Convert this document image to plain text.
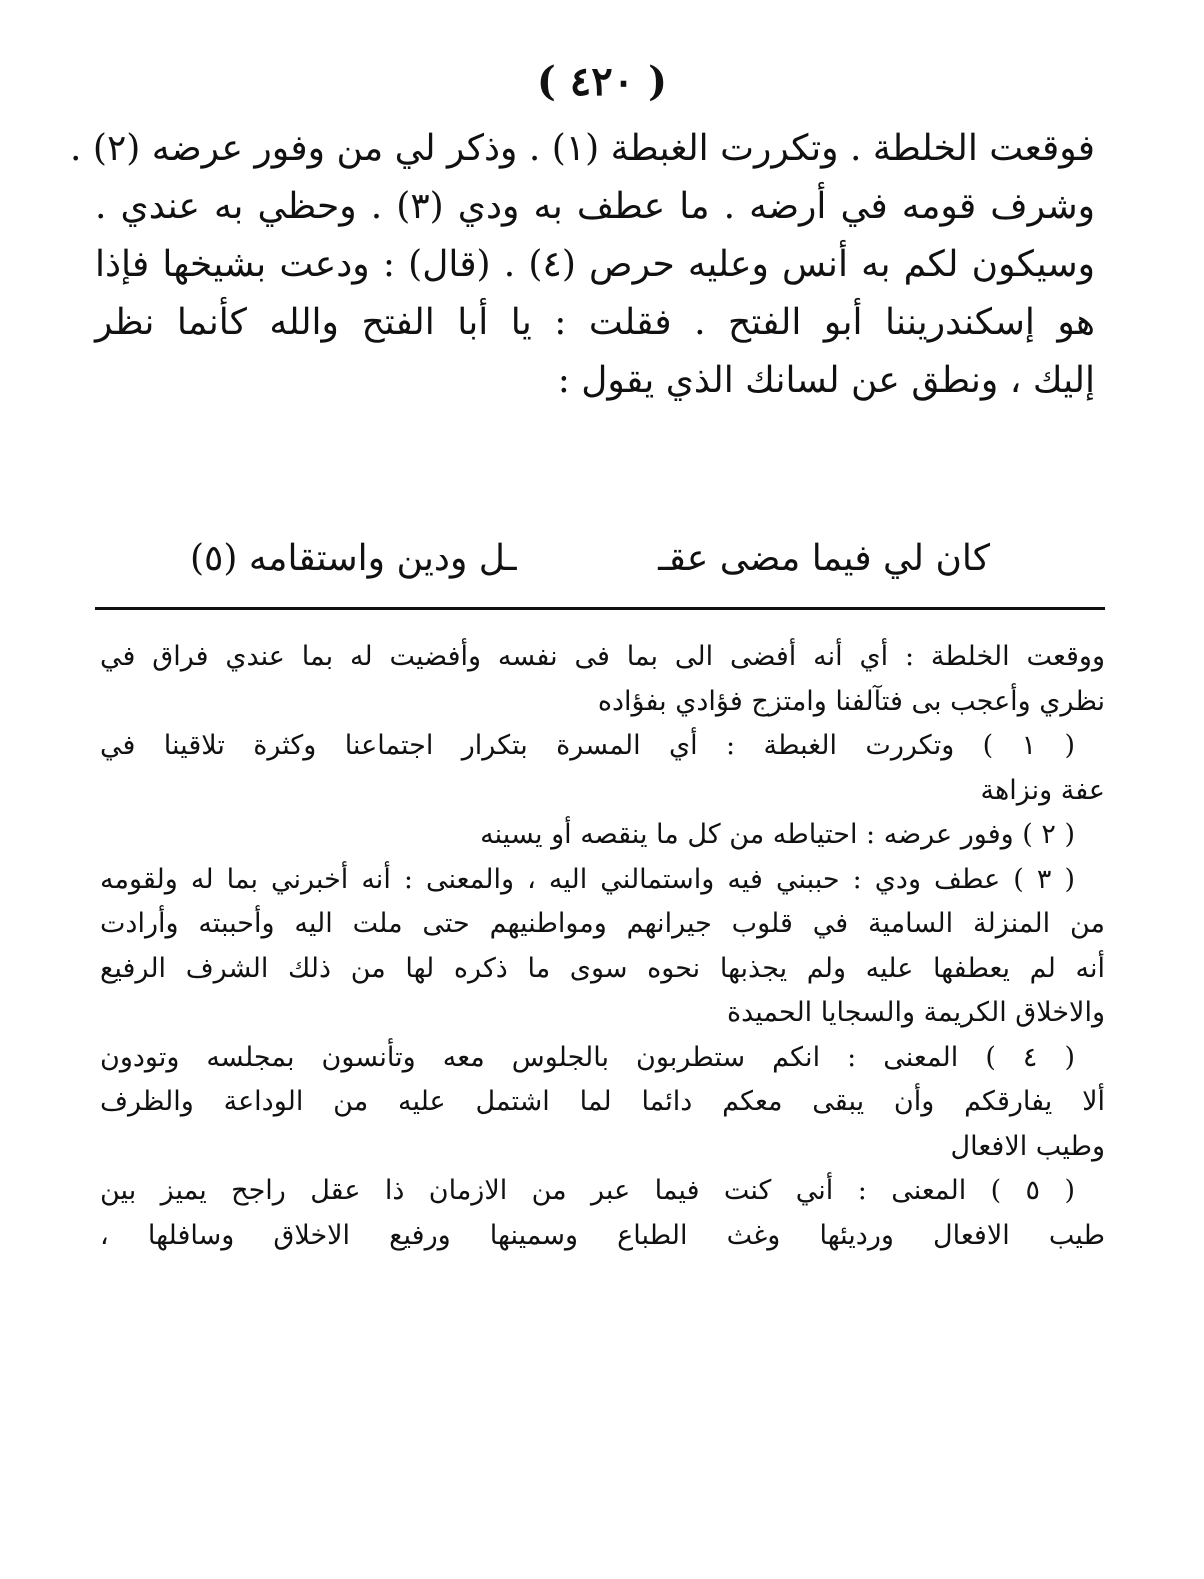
( ٤٢٠ )
فوقعت الخلطة . وتكررت الغبطة (١) . وذكر لي من وفور عرضه (٢) .
وشرف قومه في أرضه . ما عطف به ودي (٣) . وحظي به عندي .
وسيكون لكم به أنس وعليه حرص (٤) . (قال) : ودعت بشيخها فإذا
هو إسكندريننا أبو الفتح . فقلت : يا أبا الفتح والله كأنما نظر
إليك ، ونطق عن لسانك الذي يقول :
كان لي فيما مضى عقـ
ـل ودين واستقامه (٥)
ووقعت الخلطة : أي أنه أفضى الى بما فى نفسه وأفضيت له بما عندي فراق في
نظري وأعجب بى فتآلفنا وامتزج فؤادي بفؤاده
( ١ ) وتكررت الغبطة : أي المسرة بتكرار اجتماعنا وكثرة تلاقينا في
عفة ونزاهة
( ٢ ) وفور عرضه : احتياطه من كل ما ينقصه أو يسينه
( ٣ ) عطف ودي : حببني فيه واستمالني اليه ، والمعنى : أنه أخبرني بما له ولقومه
من المنزلة السامية في قلوب جيرانهم ومواطنيهم حتى ملت اليه وأحببته وأرادت
أنه لم يعطفها عليه ولم يجذبها نحوه سوى ما ذكره لها من ذلك الشرف الرفيع
والاخلاق الكريمة والسجايا الحميدة
( ٤ ) المعنى : انكم ستطربون بالجلوس معه وتأنسون بمجلسه وتودون
ألا يفارقكم وأن يبقى معكم دائما لما اشتمل عليه من الوداعة والظرف
وطيب الافعال
( ٥ ) المعنى : أني كنت فيما عبر من الازمان ذا عقل راجح يميز بين
طيب الافعال ورديئها وغث الطباع وسمينها ورفيع الاخلاق وسافلها ،
